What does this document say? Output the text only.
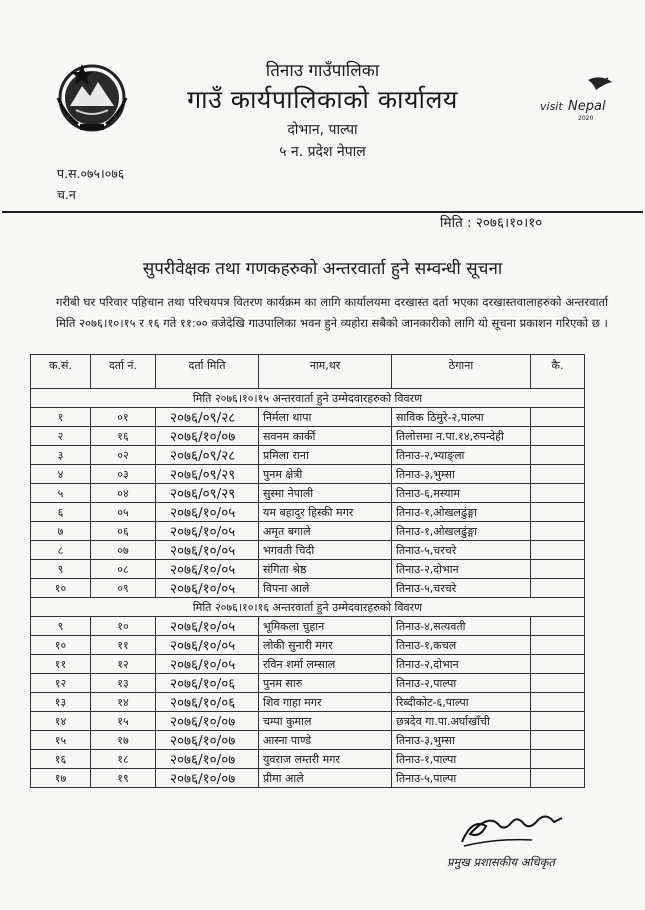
visit Nepal
2020
तिनाउ गाउँपालिका
गाउँ कार्यपालिकाको कार्यालय
दोभान, पाल्पा
५ न. प्रदेश नेपाल
प.स.०७५।०७६
च.न
मिति : २०७६।१०।१०
सुपरीवेक्षक तथा गणकहरुको अन्तरवार्ता हुने सम्वन्धी सूचना
गरीबी घर परिवार पहिचान तथा परिचयपत्र वितरण कार्यक्रम का लागि कार्यालयमा दरखास्त दर्ता भएका दरखास्तवालाहरुको अन्तरवार्ता मिति २०७६।१०।१५ र १६ गते ११:०० वजेदेखि गाउपालिका भवन हुने व्यहोरा सबैको जानकारीको लागि यो सूचना प्रकाशन गरिएको छ ।
क.सं.	दर्ता नं.	दर्ता मिति	नाम,थर	ठेगाना	कै.
मिति २०७६।१०।१५ अन्तरवार्ता हुने उम्मेदवारहरुको विवरण					
१	०१	२०७६/०९/२८	निर्मला थापा	साविक ठिमुरे-२,पाल्पा	
२	१६	२०७६/१०/०७	सवनम कार्की	तिलोत्तमा न.पा.१४,रुपन्देही	
३	०२	२०७६/०९/२८	प्रमिला राना	तिनाउ-२,भ्याङ्ला	
४	०३	२०७६/०९/२९	पुनम क्षेत्री	तिनाउ-३,भुम्सा	
५	०४	२०७६/०९/२९	सुस्मा नेपाली	तिनाउ-६,मस्याम	
६	०५	२०७६/१०/०५	यम बहादुर हिस्की मगर	तिनाउ-१,ओखलढुंङ्गा	
७	०६	२०७६/१०/०५	अमृत बगाले	तिनाउ-१,ओखलढुंङ्गा	
८	०७	२०७६/१०/०५	भगवती चिदी	तिनाउ-५,चरचरे	
९	०८	२०७६/१०/०५	संगिता श्रेष्ठ	तिनाउ-२,दोभान	
१०	०९	२०७६/१०/०५	विपना आले	तिनाउ-५,चरचरे	
मिति २०७६।१०।१६ अन्तरवार्ता हुने उम्मेदवारहरुको विवरण					
९	१०	२०७६/१०/०५	भूमिकला चुहान	तिनाउ-४,सत्यवती	
१०	११	२०७६/१०/०५	लोकी सुनारी मगर	तिनाउ-१,कचल	
११	१२	२०७६/१०/०५	रविन शर्मा लम्साल	तिनाउ-२,दोभान	
१२	१३	२०७६/१०/०६	पुनम सारु	तिनाउ-२,पाल्पा	
१३	१४	२०७६/१०/०६	शिव गाहा मगर	रिब्दीकोट-६,पाल्पा	
१४	१५	२०७६/१०/०७	चम्पा कुमाल	छत्रदेव गा.पा.अर्घाखाँची	
१५	१७	२०७६/१०/०७	आस्ना पाण्डे	तिनाउ-३,भुम्सा	
१६	१८	२०७६/१०/०७	युवराज लम्तरी मगर	तिनाउ-१,पाल्पा	
१७	१९	२०७६/१०/०७	प्रीमा आले	तिनाउ-५,पाल्पा	
प्रमुख प्रशासकीय अधिकृत
